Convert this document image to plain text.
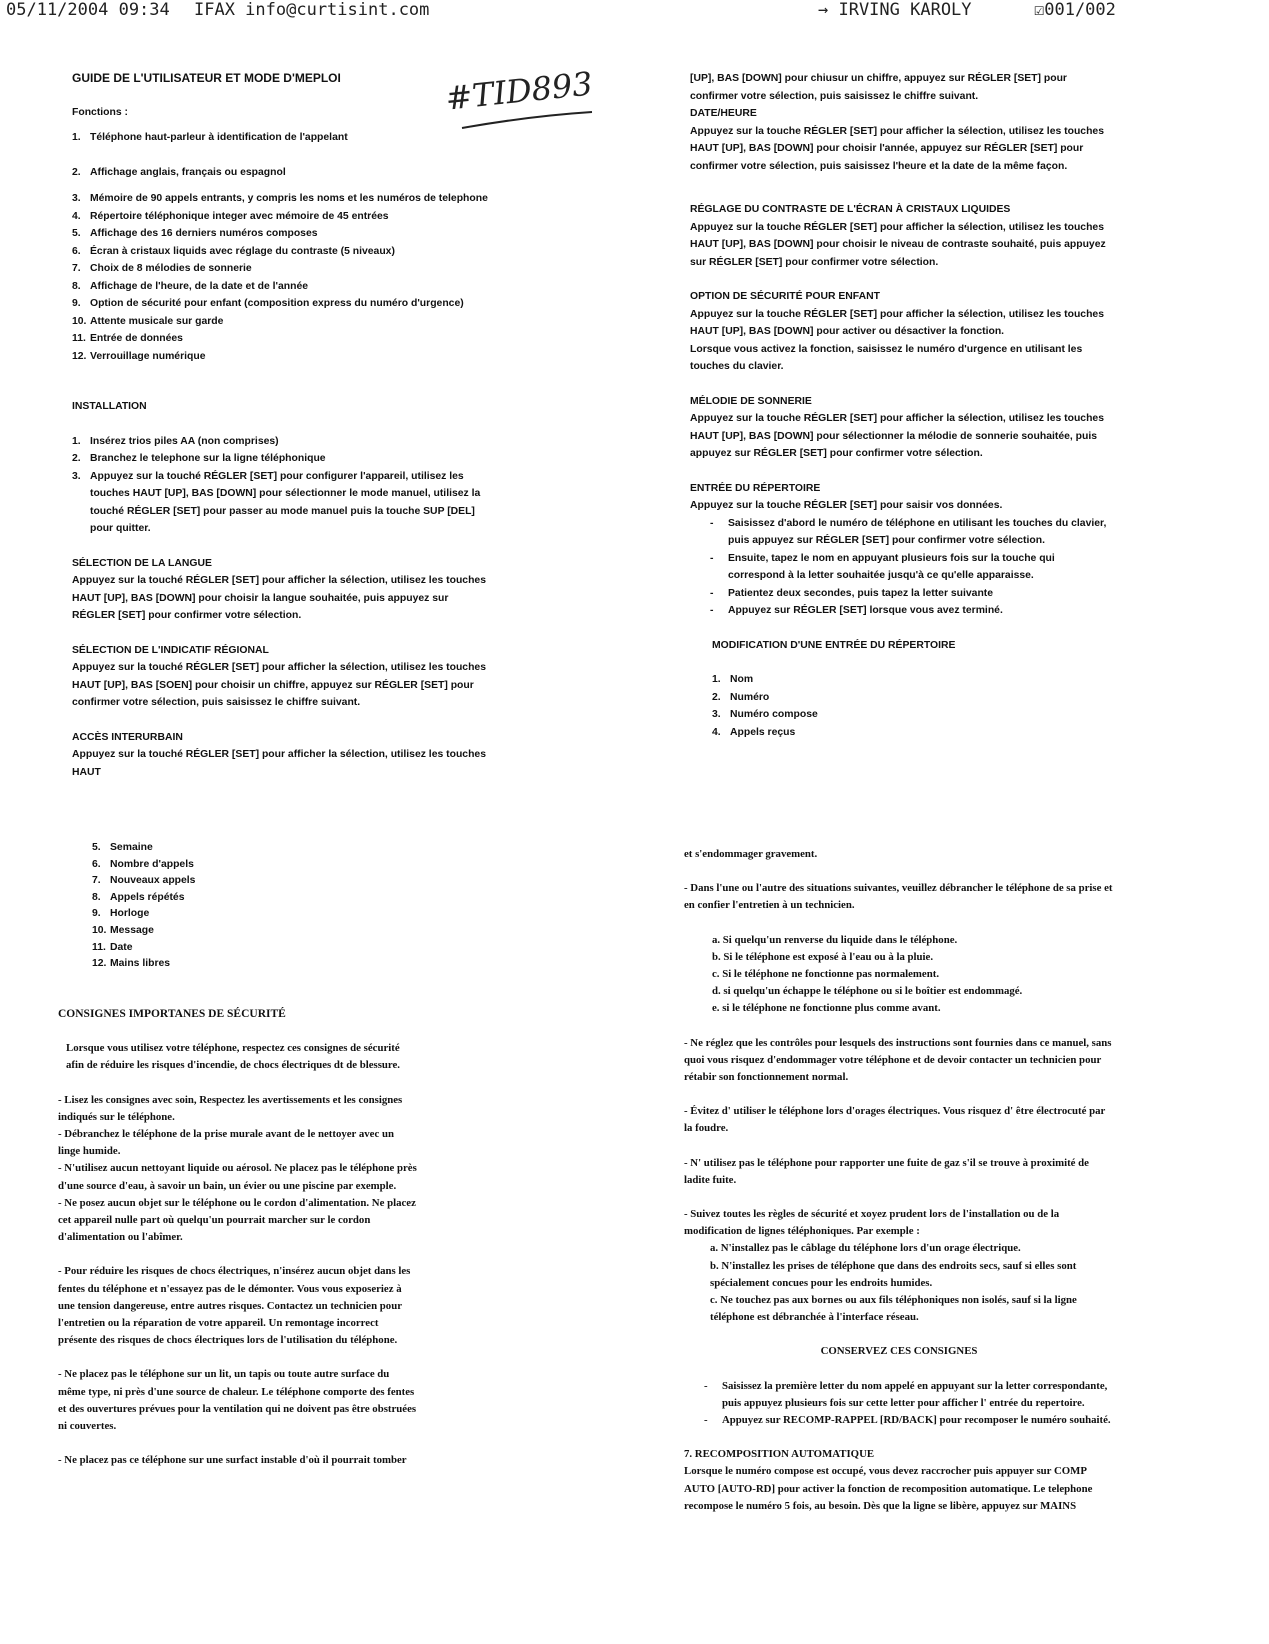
05/11/2004 09:34 IFAX info@curtisint.com	→ IRVING KAROLY	☑001/002
#TID893

GUIDE DE L'UTILISATEUR ET MODE D'MEPLOI

Fonctions :

1. Téléphone haut-parleur à identification de l'appelant
2. Affichage anglais, français ou espagnol
3. Mémoire de 90 appels entrants, y compris les noms et les numéros de telephone
4. Répertoire téléphonique integer avec mémoire de 45 entrées
5. Affichage des 16 derniers numéros composes
6. Écran à cristaux liquids avec réglage du contraste (5 niveaux)
7. Choix de 8 mélodies de sonnerie
8. Affichage de l'heure, de la date et de l'année
9. Option de sécurité pour enfant (composition express du numéro d'urgence)
10. Attente musicale sur garde
11. Entrée de données
12. Verrouillage numérique

INSTALLATION

1. Insérez trios piles AA (non comprises)
2. Branchez le telephone sur la ligne téléphonique
3. Appuyez sur la touché RÉGLER [SET] pour configurer l'appareil, utilisez les touches HAUT [UP], BAS [DOWN] pour sélectionner le mode manuel, utilisez la touché RÉGLER [SET] pour passer au mode manuel puis la touche SUP [DEL] pour quitter.

SÉLECTION DE LA LANGUE

Appuyez sur la touché RÉGLER [SET] pour afficher la sélection, utilisez les touches HAUT [UP], BAS [DOWN] pour choisir la langue souhaitée, puis appuyez sur RÉGLER [SET] pour confirmer votre sélection.

SÉLECTION DE L'INDICATIF RÉGIONAL

Appuyez sur la touché RÉGLER [SET] pour afficher la sélection, utilisez les touches HAUT [UP], BAS [SOEN] pour choisir un chiffre, appuyez sur RÉGLER [SET] pour confirmer votre sélection, puis saisissez le chiffre suivant.

ACCÈS INTERURBAIN

Appuyez sur la touché RÉGLER [SET] pour afficher la sélection, utilisez les touches HAUT

[UP], BAS [DOWN] pour chiusur un chiffre, appuyez sur RÉGLER [SET] pour confirmer votre sélection, puis saisissez le chiffre suivant.

DATE/HEURE

Appuyez sur la touche RÉGLER [SET] pour afficher la sélection, utilisez les touches HAUT [UP], BAS [DOWN] pour choisir l'année, appuyez sur RÉGLER [SET] pour confirmer votre sélection, puis saisissez l'heure et la date de la même façon.

RÉGLAGE DU CONTRASTE DE L'ÉCRAN À CRISTAUX LIQUIDES

Appuyez sur la touche RÉGLER [SET] pour afficher la sélection, utilisez les touches HAUT [UP], BAS [DOWN] pour choisir le niveau de contraste souhaité, puis appuyez sur RÉGLER [SET] pour confirmer votre sélection.

OPTION DE SÉCURITÉ POUR ENFANT

Appuyez sur la touche RÉGLER [SET] pour afficher la sélection, utilisez les touches HAUT [UP], BAS [DOWN] pour activer ou désactiver la fonction.

Lorsque vous activez la fonction, saisissez le numéro d'urgence en utilisant les touches du clavier.

MÉLODIE DE SONNERIE

Appuyez sur la touche RÉGLER [SET] pour afficher la sélection, utilisez les touches HAUT [UP], BAS [DOWN] pour sélectionner la mélodie de sonnerie souhaitée, puis appuyez sur RÉGLER [SET] pour confirmer votre sélection.

ENTRÉE DU RÉPERTOIRE

Appuyez sur la touche RÉGLER [SET] pour saisir vos données.

- Saisissez d'abord le numéro de téléphone en utilisant les touches du clavier, puis appuyez sur RÉGLER [SET] pour confirmer votre sélection.
- Ensuite, tapez le nom en appuyant plusieurs fois sur la touche qui correspond à la letter souhaitée jusqu'à ce qu'elle apparaisse.
- Patientez deux secondes, puis tapez la letter suivante
- Appuyez sur RÉGLER [SET] lorsque vous avez terminé.

MODIFICATION D'UNE ENTRÉE DU RÉPERTOIRE

1. Nom
2. Numéro
3. Numéro compose
4. Appels reçus
5. Semaine
6. Nombre d'appels
7. Nouveaux appels
8. Appels répétés
9. Horloge
10. Message
11. Date
12. Mains libres

CONSIGNES IMPORTANES DE SÉCURITÉ

Lorsque vous utilisez votre téléphone, respectez ces consignes de sécurité afin de réduire les risques d'incendie, de chocs électriques dt de blessure.

- Lisez les consignes avec soin, Respectez les avertissements et les consignes indiqués sur le téléphone.

- Débranchez le téléphone de la prise murale avant de le nettoyer avec un linge humide.

- N'utilisez aucun nettoyant liquide ou aérosol. Ne placez pas le téléphone près d'une source d'eau, à savoir un bain, un évier ou une piscine par exemple.

- Ne posez aucun objet sur le téléphone ou le cordon d'alimentation. Ne placez cet appareil nulle part où quelqu'un pourrait marcher sur le cordon d'alimentation ou l'abîmer.

- Pour réduire les risques de chocs électriques, n'insérez aucun objet dans les fentes du téléphone et n'essayez pas de le démonter. Vous vous exposeriez à une tension dangereuse, entre autres risques. Contactez un technicien pour l'entretien ou la réparation de votre appareil. Un remontage incorrect présente des risques de chocs électriques lors de l'utilisation du téléphone.

- Ne placez pas le téléphone sur un lit, un tapis ou toute autre surface du même type, ni près d'une source de chaleur. Le téléphone comporte des fentes et des ouvertures prévues pour la ventilation qui ne doivent pas être obstruées ni couvertes.

- Ne placez pas ce téléphone sur une surfact instable d'où il pourrait tomber

et s'endommager gravement.

- Dans l'une ou l'autre des situations suivantes, veuillez débrancher le téléphone de sa prise et en confier l'entretien à un technicien.

a. Si quelqu'un renverse du liquide dans le téléphone.

b. Si le téléphone est exposé à l'eau ou à la pluie.

c. Si le téléphone ne fonctionne pas normalement.

d. si quelqu'un échappe le téléphone ou si le boîtier est endommagé.

e. si le téléphone ne fonctionne plus comme avant.

- Ne réglez que les contrôles pour lesquels des instructions sont fournies dans ce manuel, sans quoi vous risquez d'endommager votre téléphone et de devoir contacter un technicien pour rétabir son fonctionnement normal.

- Évitez d' utiliser le téléphone lors d'orages électriques. Vous risquez d' être électrocuté par la foudre.

- N' utilisez pas le téléphone pour rapporter une fuite de gaz s'il se trouve à proximité de ladite fuite.

- Suivez toutes les règles de sécurité et xoyez prudent lors de l'installation ou de la modification de lignes téléphoniques. Par exemple :

a. N'installez pas le câblage du téléphone lors d'un orage électrique.

b. N'installez les prises de téléphone que dans des endroits secs, sauf si elles sont spécialement concues pour les endroits humides.

c. Ne touchez pas aux bornes ou aux fils téléphoniques non isolés, sauf si la ligne téléphone est débranchée à l'interface réseau.

CONSERVEZ CES CONSIGNES

- Saisissez la première letter du nom appelé en appuyant sur la letter correspondante, puis appuyez plusieurs fois sur cette letter pour afficher l' entrée du repertoire.
- Appuyez sur RECOMP-RAPPEL [RD/BACK] pour recomposer le numéro souhaité.

7. RECOMPOSITION AUTOMATIQUE

Lorsque le numéro compose est occupé, vous devez raccrocher puis appuyer sur COMP AUTO [AUTO-RD] pour activer la fonction de recomposition automatique. Le telephone recompose le numéro 5 fois, au besoin. Dès que la ligne se libère, appuyez sur MAINS
